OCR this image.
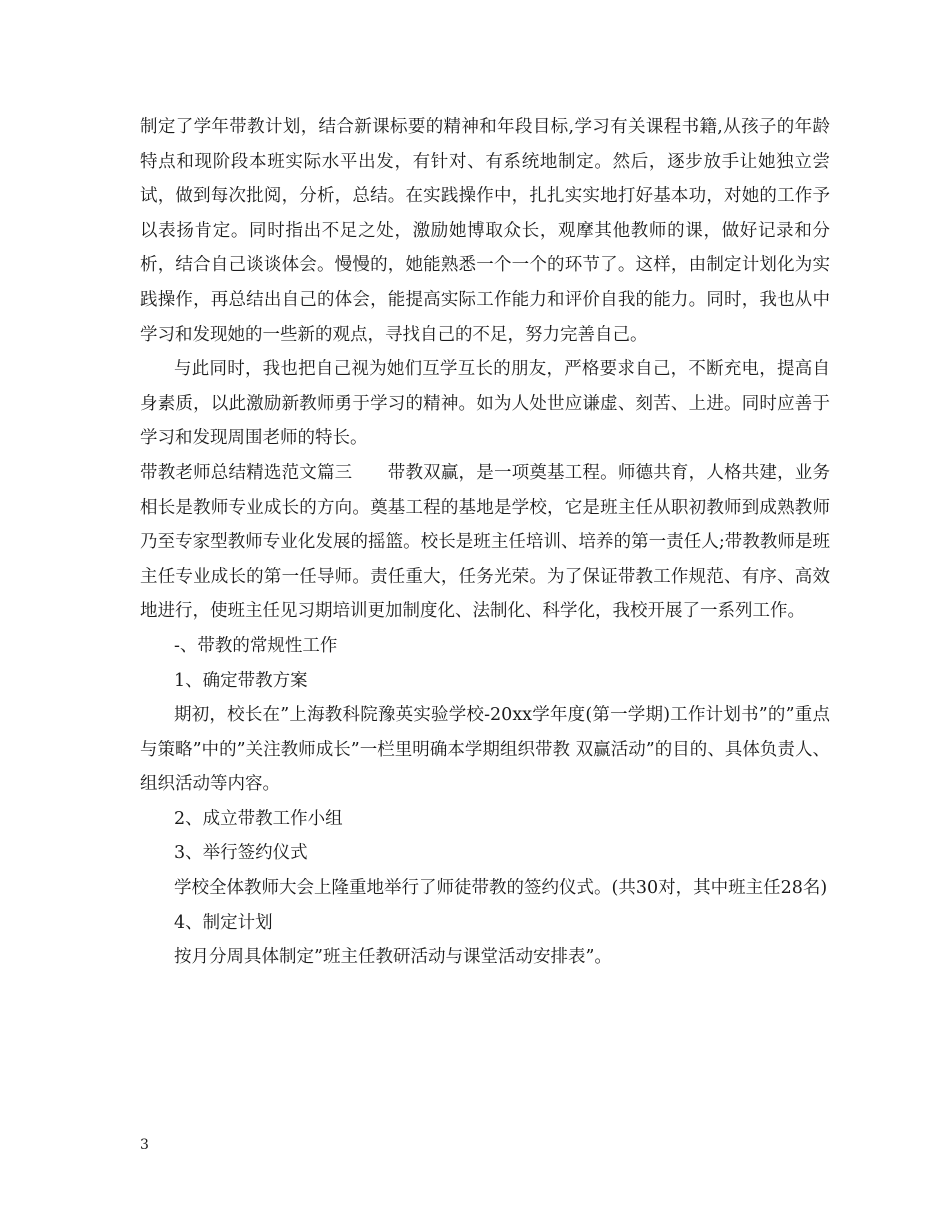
制定了学年带教计划，结合新课标要的精神和年段目标,学习有关课程书籍,从孩子的年龄特点和现阶段本班实际水平出发，有针对、有系统地制定。然后，逐步放手让她独立尝试，做到每次批阅，分析，总结。在实践操作中，扎扎实实地打好基本功，对她的工作予以表扬肯定。同时指出不足之处，激励她博取众长，观摩其他教师的课，做好记录和分析，结合自己谈谈体会。慢慢的，她能熟悉一个一个的环节了。这样，由制定计划化为实践操作，再总结出自己的体会，能提高实际工作能力和评价自我的能力。同时，我也从中学习和发现她的一些新的观点，寻找自己的不足，努力完善自己。

与此同时，我也把自己视为她们互学互长的朋友，严格要求自己，不断充电，提高自身素质，以此激励新教师勇于学习的精神。如为人处世应谦虚、刻苦、上进。同时应善于学习和发现周围老师的特长。

带教老师总结精选范文篇三　　带教双赢，是一项奠基工程。师德共育，人格共建，业务相长是教师专业成长的方向。奠基工程的基地是学校，它是班主任从职初教师到成熟教师乃至专家型教师专业化发展的摇篮。校长是班主任培训、培养的第一责任人;带教教师是班主任专业成长的第一任导师。责任重大，任务光荣。为了保证带教工作规范、有序、高效地进行，使班主任见习期培训更加制度化、法制化、科学化，我校开展了一系列工作。

-、带教的常规性工作

1、确定带教方案

期初，校长在”上海教科院豫英实验学校-20xx学年度(第一学期)工作计划书”的”重点与策略”中的”关注教师成长”一栏里明确本学期组织带教 双赢活动”的目的、具体负责人、组织活动等内容。

2、成立带教工作小组

3、举行签约仪式

学校全体教师大会上隆重地举行了师徒带教的签约仪式。(共30对，其中班主任28名)

4、制定计划

按月分周具体制定”班主任教研活动与课堂活动安排表”。

3
